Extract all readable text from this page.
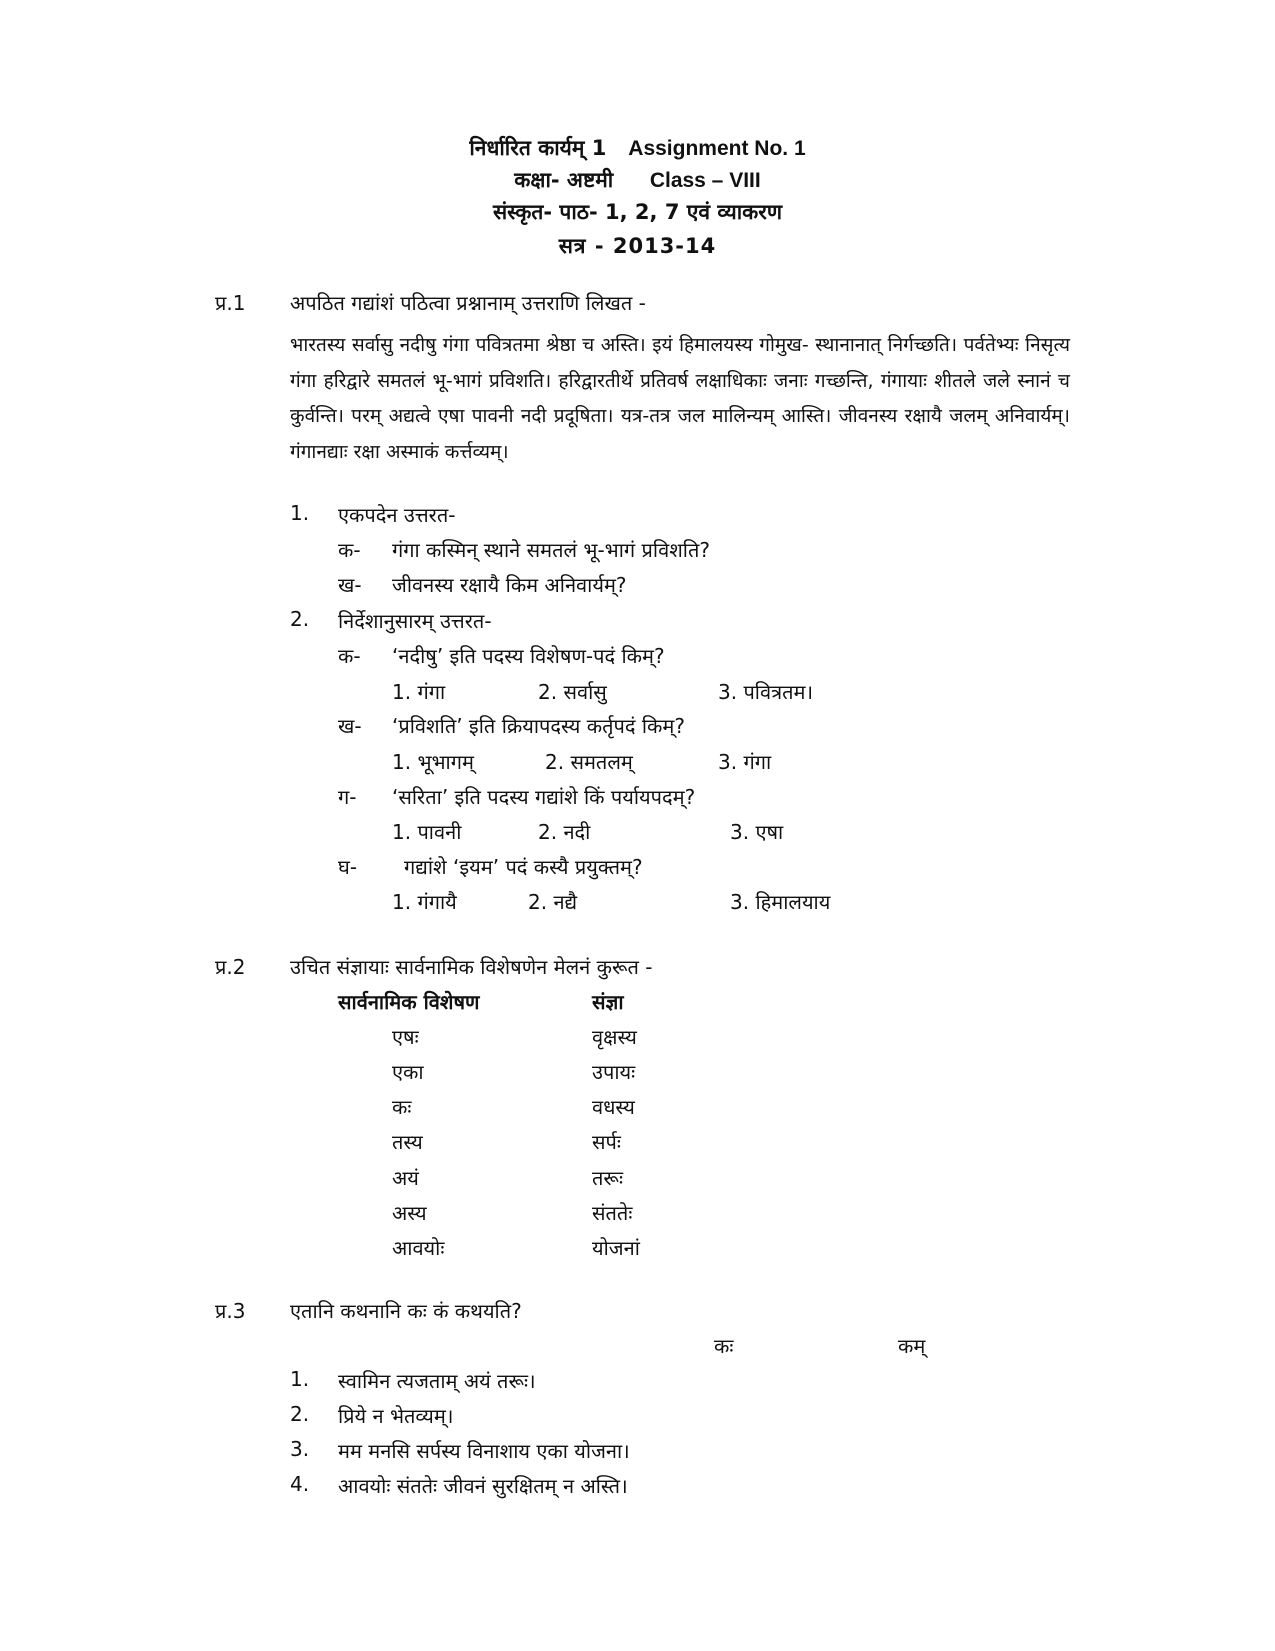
निर्धारित कार्यम् 1 Assignment No. 1
कक्षा- अष्टमी Class – VIII
संस्कृत- पाठ- 1, 2, 7 एवं व्याकरण
सत्र - 2013-14
प्र.1 अपठित गद्यांशं पठित्वा प्रश्नानाम् उत्तराणि लिखत -
भारतस्य सर्वासु नदीषु गंगा पवित्रतमा श्रेष्ठा च अस्ति। इयं हिमालयस्य गोमुख- स्थानानात् निर्गच्छति। पर्वतेभ्यः निसृत्य गंगा हरिद्वारे समतलं भू-भागं प्रविशति। हरिद्वारतीर्थे प्रतिवर्ष लक्षाधिकाः जनाः गच्छन्ति, गंगायाः शीतले जले स्नानं च कुर्वन्ति। परम् अद्यत्वे एषा पावनी नदी प्रदूषिता। यत्र-तत्र जल मालिन्यम् आस्ति। जीवनस्य रक्षायै जलम् अनिवार्यम्। गंगानद्याः रक्षा अस्माकं कर्त्तव्यम्।
1. एकपदेन उत्तरत-
क- गंगा कस्मिन् स्थाने समतलं भू-भागं प्रविशति?
ख- जीवनस्य रक्षायै किम अनिवार्यम्?
2. निर्देशानुसारम् उत्तरत-
क- ‘नदीषु’ इति पदस्य विशेषण-पदं किम्?
1. गंगा	2. सर्वासु	3. पवित्रतम।
ख- ‘प्रविशति’ इति क्रियापदस्य कर्तृपदं किम्?
1. भूभागम्	2. समतलम्	3. गंगा
ग- ‘सरिता’ इति पदस्य गद्यांशे किं पर्यायपदम्?
1. पावनी	2. नदी	3. एषा
घ- गद्यांशे ‘इयम’ पदं कस्यै प्रयुक्तम्?
1. गंगायै	2. नद्यै	3. हिमालयाय
प्र.2 उचित संज्ञायाः सार्वनामिक विशेषणेन मेलनं कुरूत -
सार्वनामिक विशेषण	संज्ञा
एषः	वृक्षस्य
एका	उपायः
कः	वधस्य
तस्य	सर्पः
अयं	तरूः
अस्य	संततेः
आवयोः	योजनां
प्र.3 एतानि कथनानि कः कं कथयति?
कः	कम्
1. स्वामिन त्यजताम् अयं तरूः।
2. प्रिये न भेतव्यम्।
3. मम मनसि सर्पस्य विनाशाय एका योजना।
4. आवयोः संततेः जीवनं सुरक्षितम् न अस्ति।
